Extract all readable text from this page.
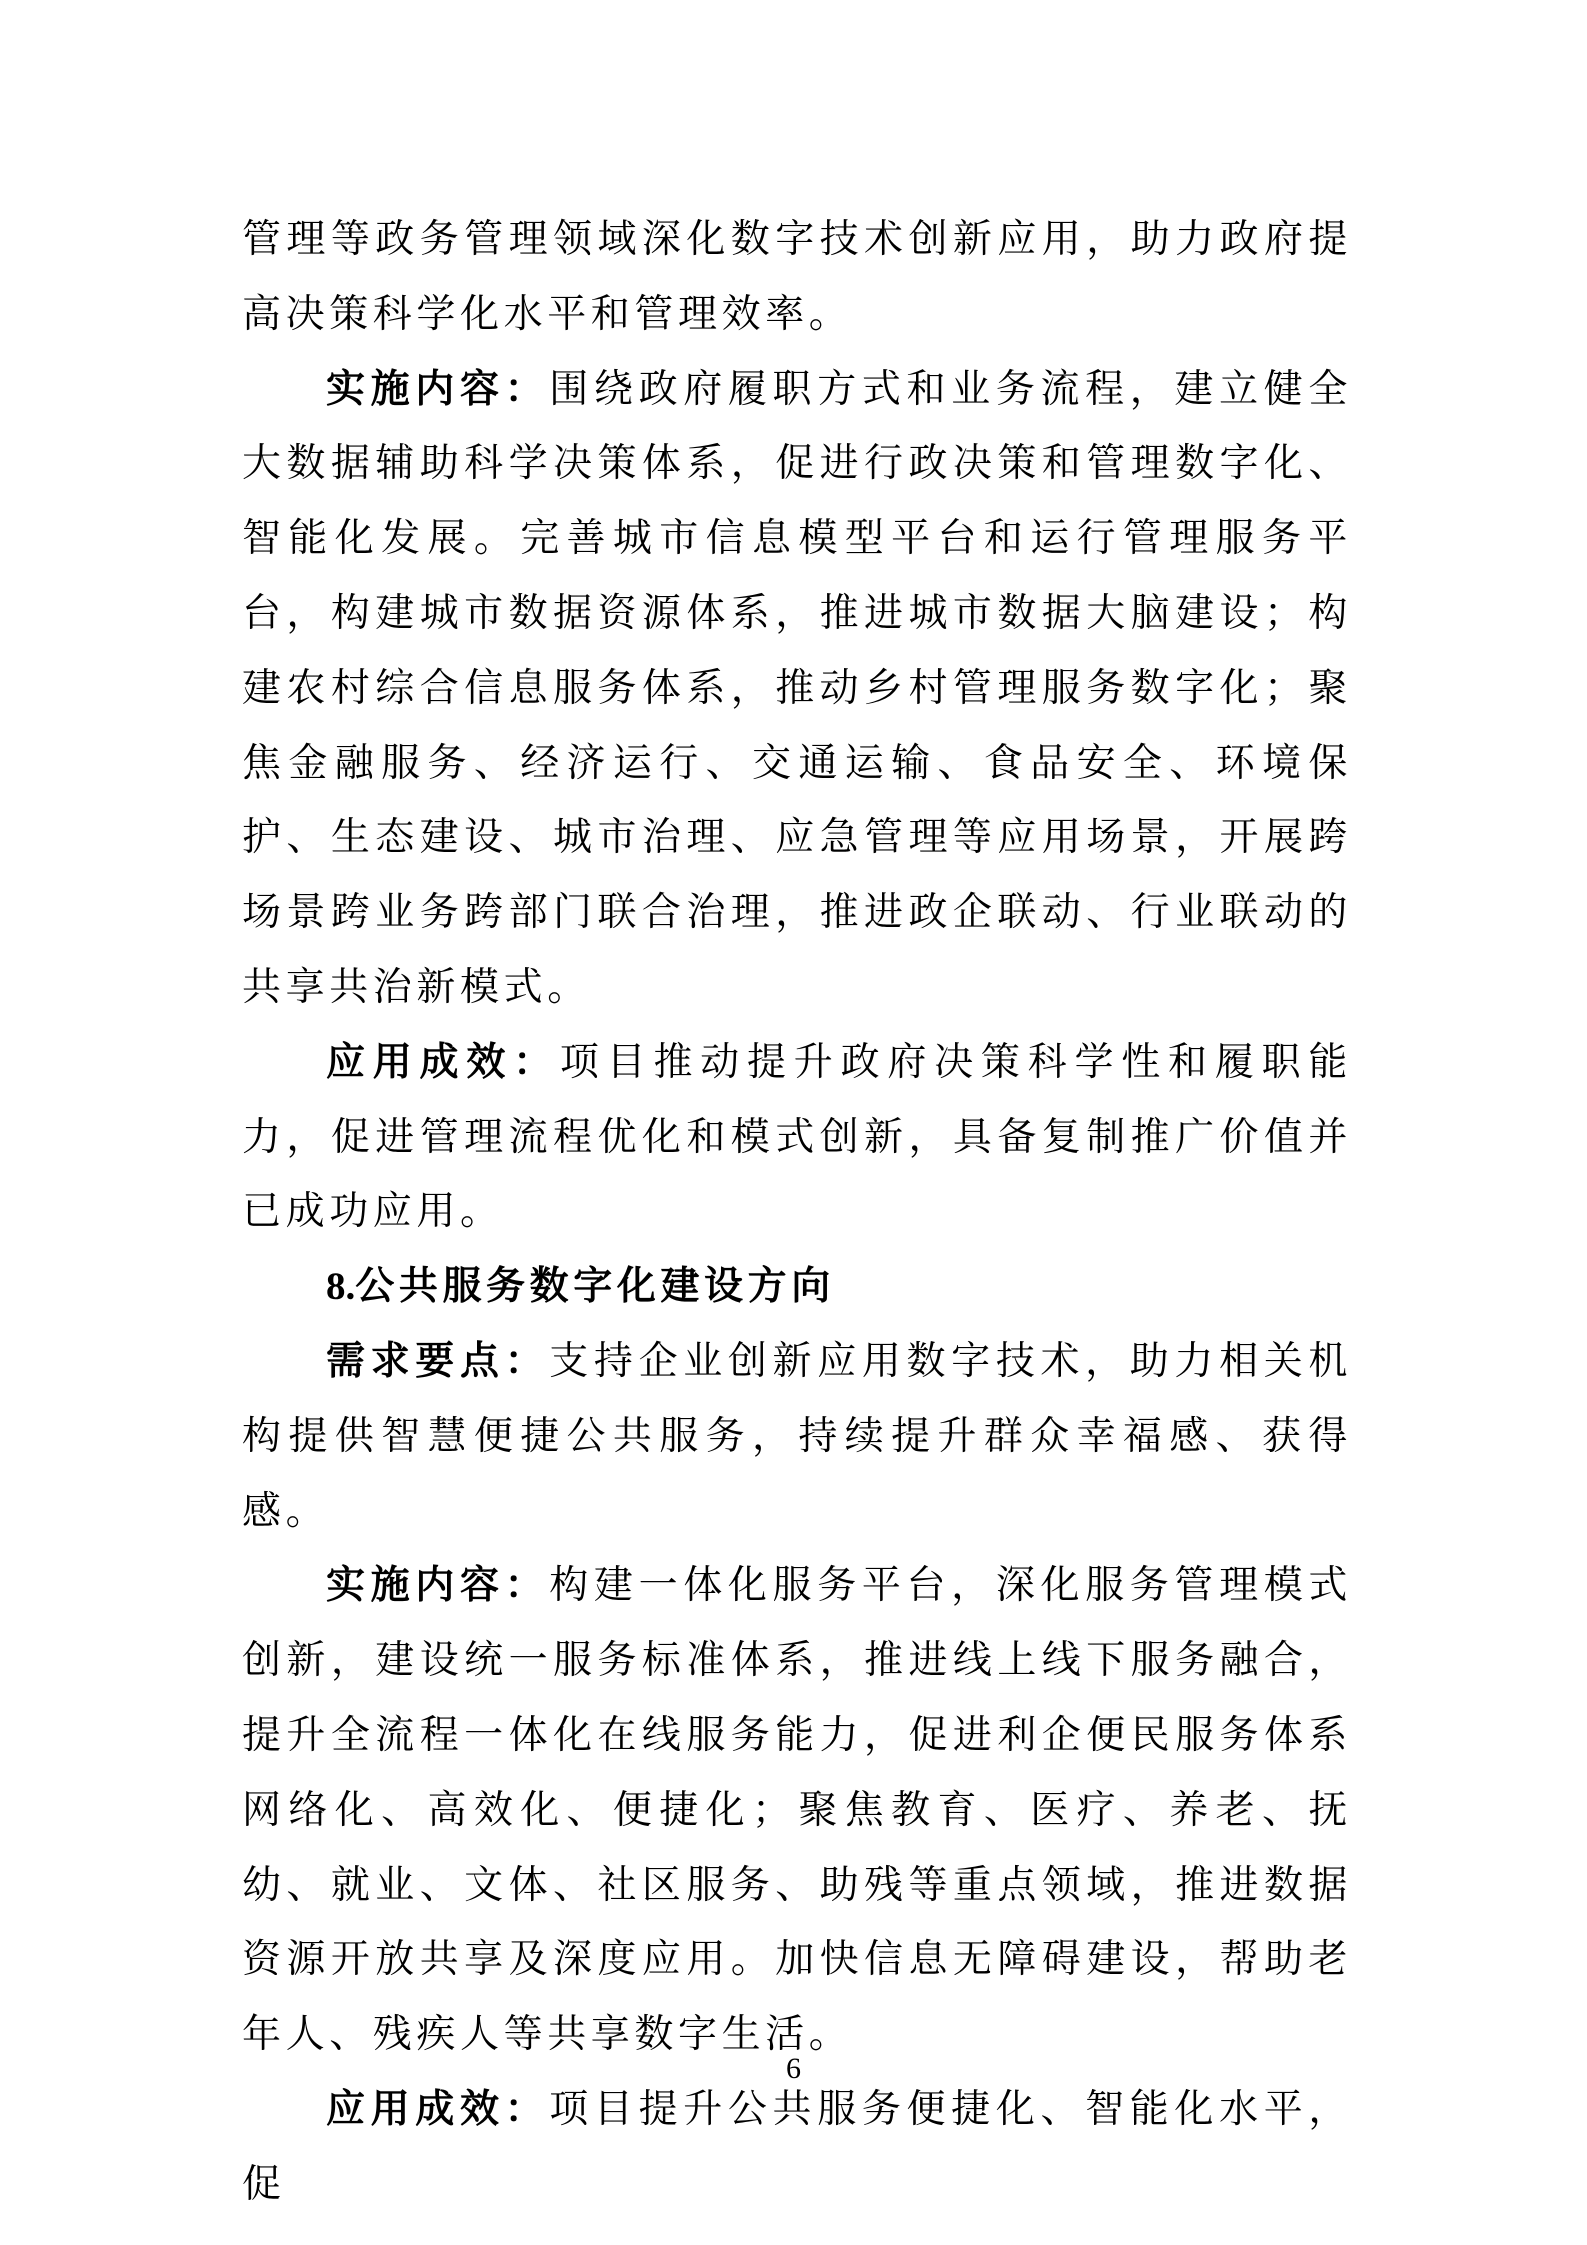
管理等政务管理领域深化数字技术创新应用，助力政府提高决策科学化水平和管理效率。

实施内容：围绕政府履职方式和业务流程，建立健全大数据辅助科学决策体系，促进行政决策和管理数字化、智能化发展。完善城市信息模型平台和运行管理服务平台，构建城市数据资源体系，推进城市数据大脑建设；构建农村综合信息服务体系，推动乡村管理服务数字化；聚焦金融服务、经济运行、交通运输、食品安全、环境保护、生态建设、城市治理、应急管理等应用场景，开展跨场景跨业务跨部门联合治理，推进政企联动、行业联动的共享共治新模式。

应用成效：项目推动提升政府决策科学性和履职能力，促进管理流程优化和模式创新，具备复制推广价值并已成功应用。

8.公共服务数字化建设方向

需求要点：支持企业创新应用数字技术，助力相关机构提供智慧便捷公共服务，持续提升群众幸福感、获得感。

实施内容：构建一体化服务平台，深化服务管理模式创新，建设统一服务标准体系，推进线上线下服务融合，提升全流程一体化在线服务能力，促进利企便民服务体系网络化、高效化、便捷化；聚焦教育、医疗、养老、抚幼、就业、文体、社区服务、助残等重点领域，推进数据资源开放共享及深度应用。加快信息无障碍建设，帮助老年人、残疾人等共享数字生活。

应用成效：项目提升公共服务便捷化、智能化水平，促

6
